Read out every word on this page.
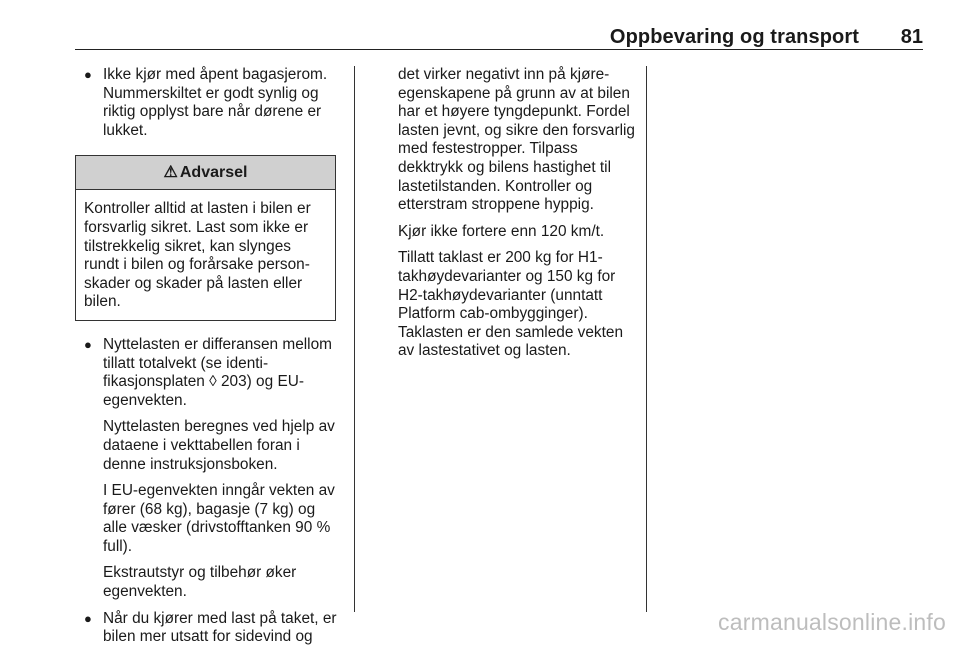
Oppbevaring og transport 81
● Ikke kjør med åpent bagasjerom. Nummerskiltet er godt synlig og riktig opplyst bare når dørene er lukket.

⚠ Advarsel
Kontroller alltid at lasten i bilen er forsvarlig sikret. Last som ikke er tilstrekkelig sikret, kan slynges rundt i bilen og forårsake personskader og skader på lasten eller bilen.
● Nyttelasten er differansen mellom tillatt totalvekt (se identifikasjonsplaten ◊ 203) og EU-egenvekten.

Nyttelasten beregnes ved hjelp av dataene i vekttabellen foran i denne instruksjonsboken.

I EU-egenvekten inngår vekten av fører (68 kg), bagasje (7 kg) og alle væsker (drivstofftanken 90 % full).

Ekstrautstyr og tilbehør øker egenvekten.

● Når du kjører med last på taket, er bilen mer utsatt for sidevind og

det virker negativt inn på kjøreegenskapene på grunn av at bilen har et høyere tyngdepunkt. Fordel lasten jevnt, og sikre den forsvarlig med festestropper. Tilpass dekktrykk og bilens hastighet til lastetilstanden. Kontroller og etterstram stroppene hyppig.

Kjør ikke fortere enn 120 km/t.

Tillatt taklast er 200 kg for H1-takhøydevarianter og 150 kg for H2-takhøydevarianter (unntatt Platform cab-ombygginger). Taklasten er den samlede vekten av lastestativet og lasten.

carmanualsonline.info
